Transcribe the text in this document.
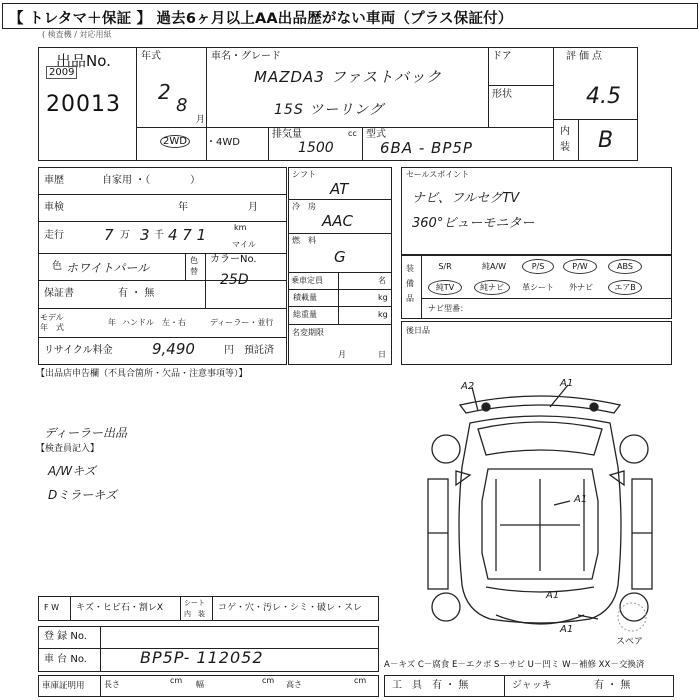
【 トレタマ＋保証 】 過去6ヶ月以上AA出品歴がない車両（プラス保証付）
( 検査機 / 対応用紙
出品No.
2009
20013
年式
2
8
月
車名・グレード
MAZDA3 ファストバック
15S ツーリング
ドア
形状
2WD	・4WD
排気量
1500
cc 型式
6BA - BP5P
評価点
4.5
内
装 B
車歴	自家用 ・（　　　　）
車検	年	月
走行	7 万 3 千 4 7 1	km
マイル
色 ホワイトパール
色
替
カラーNo.
25D
保証書	有 ・ 無
モデル
年　式
年 ハンドル　左・右	ディーラー・並行
リサイクル料金	9,490	円　預託済
シフト
AT
冷　房
AAC
燃　料
G
乗車定員	名
積載量	kg
総重量	kg
名変期限
月	日
セールスポイント
ナビ、フルセグTV
360°ビューモニター
装
備
品
S/R	純A/W	P/S	P/W	ABS
純TV	純ナビ	革シート	外ナビ	エアB
ナビ型番：
後日品
【出品店申告欄（不具合箇所・欠品・注意事項等）】
ディーラー出品
【検査員記入】
A/Wキズ
Dミラーキズ
A2	A1
A1
A1
A1
スペア
F W キズ・ヒビ石・割レX	シート
内　装
コゲ・穴・汚レ・シミ・破レ・スレ
登 録 No.
車 台 No.	BP5P- 112052	A－キズ C－腐食 E－エクボ S－サビ U－凹ミ W－補修 XX－交換済
車庫証明用 長さ	cm 幅	cm 高さ	cm	工　具 有 ・ 無	ジャッキ	有 ・ 無
